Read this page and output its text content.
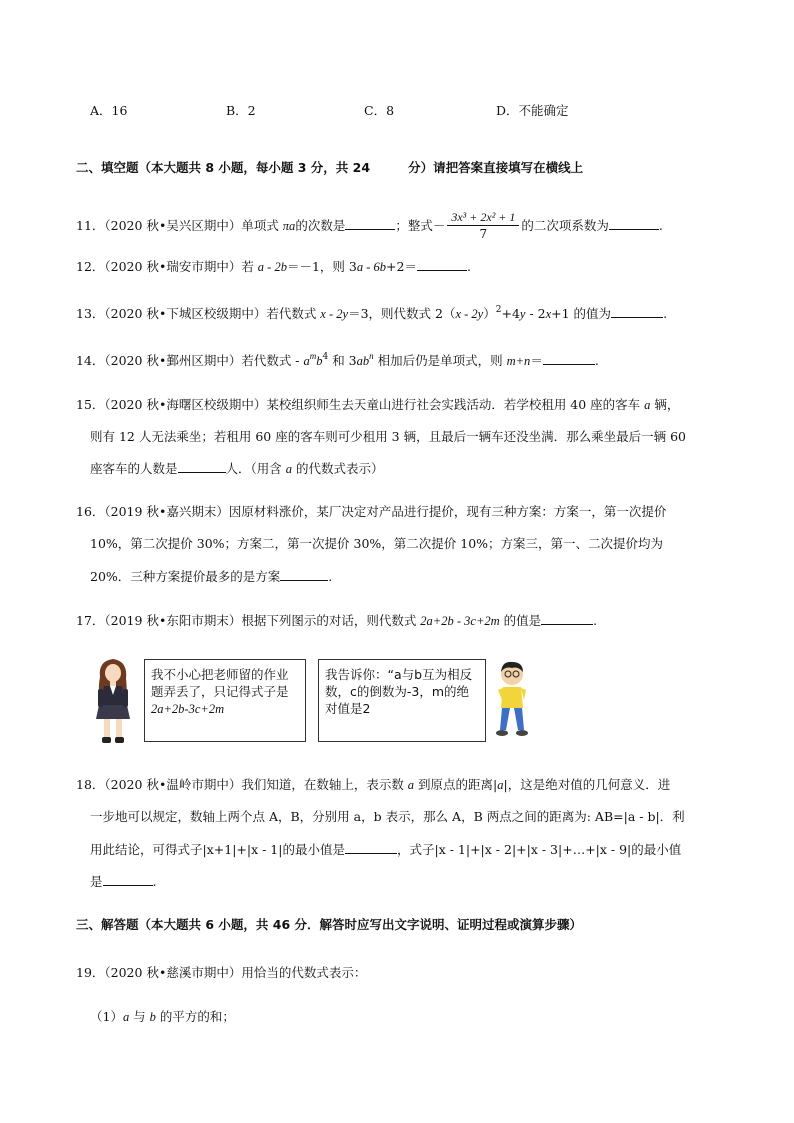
A．16	B．2	C．8	D．不能确定
二、填空题（本大题共 8 小题，每小题 3 分，共 24	分）请把答案直接填写在横线上
11．（2020 秋•吴兴区期中）单项式 πa的次数是	；整式－ $\frac{\text{3x³ + 2x² + 1}}{7}$ 的二次项系数为	.
12．（2020 秋•瑞安市期中）若 a - 2b＝－1，则 3a - 6b+2＝	.
13．（2020 秋•下城区校级期中）若代数式 x - 2y＝3，则代数式 2（x - 2y）$^2$+4y - 2x+1 的值为	.
14．（2020 秋•鄞州区期中）若代数式 - $a^mb^4$ 和 $3ab^n$ 相加后仍是单项式，则 m+n＝	.
15．（2020 秋•海曙区校级期中）某校组织师生去天童山进行社会实践活动．若学校租用 40 座的客车 a 辆，
则有 12 人无法乘坐；若租用 60 座的客车则可少租用 3 辆，且最后一辆车还没坐满．那么乘坐最后一辆 60
座客车的人数是	人．（用含 a 的代数式表示）
16．（2019 秋•嘉兴期末）因原材料涨价，某厂决定对产品进行提价，现有三种方案：方案一，第一次提价
10%，第二次提价 30%；方案二，第一次提价 30%，第二次提价 10%；方案三，第一、二次提价均为
20%．三种方案提价最多的是方案	.
17．（2019 秋•东阳市期末）根据下列图示的对话，则代数式 2a+2b - 3c+2m 的值是	.
我不小心把老师留的作业题弄丢了，只记得式子是
2a+2b-3c+2m
我告诉你：“a与b互为相反数，c的倒数为-3，m的绝对值是2
18．（2020 秋•温岭市期中）我们知道，在数轴上，表示数 a 到原点的距离|a|，这是绝对值的几何意义．进
一步地可以规定，数轴上两个点 A，B，分别用 a，b 表示，那么 A，B 两点之间的距离为: AB=|a - b|．利
用此结论，可得式子|x+1|+|x - 1|的最小值是	，式子|x - 1|+|x - 2|+|x - 3|+…+|x - 9|的最小值
是	.
三、解答题（本大题共 6 小题，共 46 分．解答时应写出文字说明、证明过程或演算步骤）
19．（2020 秋•慈溪市期中）用恰当的代数式表示：
（1）a 与 b 的平方的和；
